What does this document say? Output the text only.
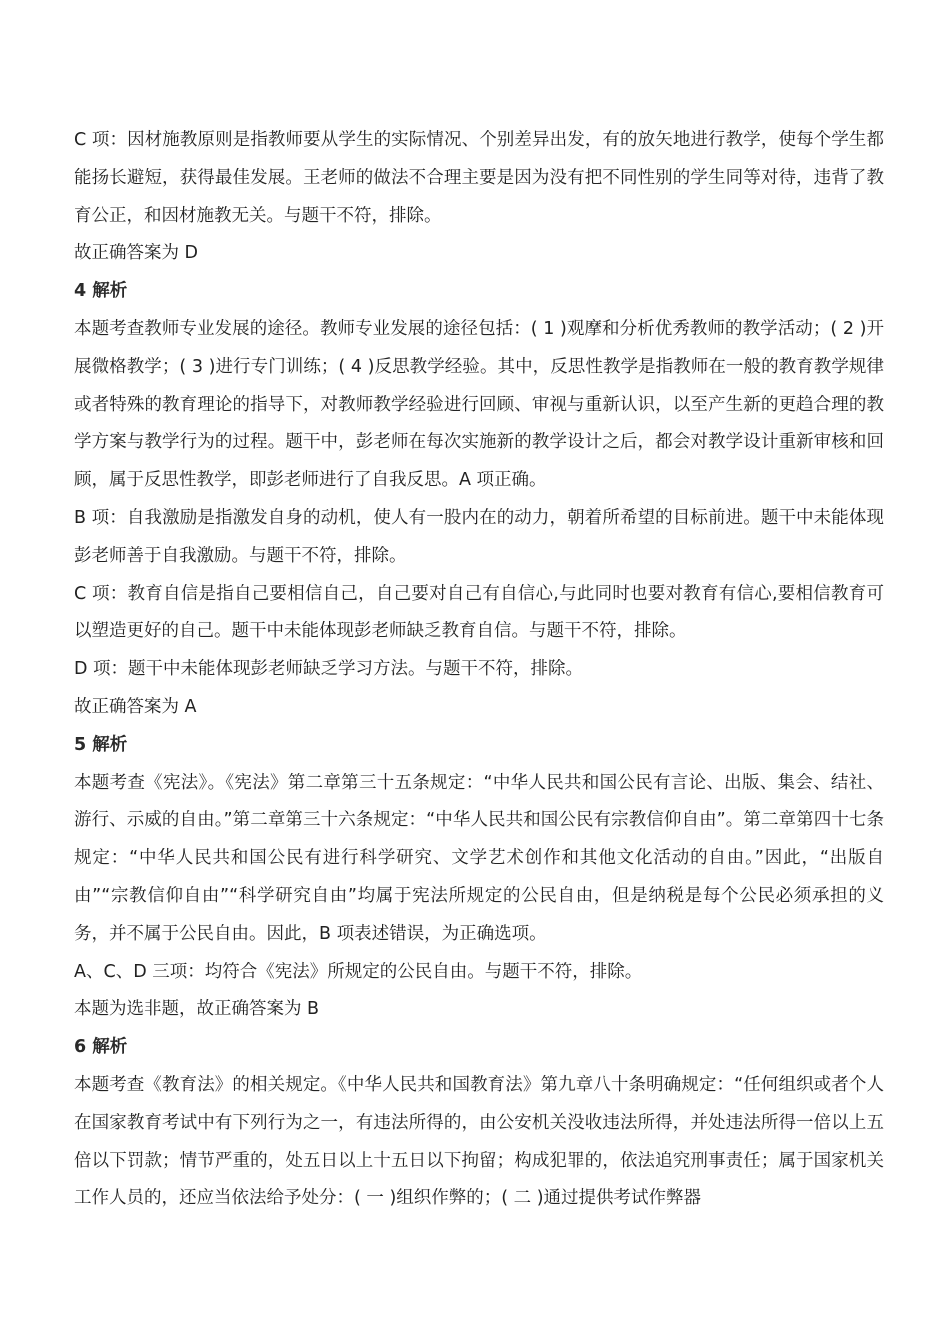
C 项：因材施教原则是指教师要从学生的实际情况、个别差异出发，有的放矢地进行教学，使每个学生都能扬长避短，获得最佳发展。王老师的做法不合理主要是因为没有把不同性别的学生同等对待，违背了教育公正，和因材施教无关。与题干不符，排除。

故正确答案为 D

4 解析

本题考查教师专业发展的途径。教师专业发展的途径包括：( 1 )观摩和分析优秀教师的教学活动；( 2 )开展微格教学；( 3 )进行专门训练；( 4 )反思教学经验。其中，反思性教学是指教师在一般的教育教学规律或者特殊的教育理论的指导下，对教师教学经验进行回顾、审视与重新认识，以至产生新的更趋合理的教学方案与教学行为的过程。题干中，彭老师在每次实施新的教学设计之后，都会对教学设计重新审核和回顾，属于反思性教学，即彭老师进行了自我反思。A 项正确。

B 项：自我激励是指激发自身的动机，使人有一股内在的动力，朝着所希望的目标前进。题干中未能体现彭老师善于自我激励。与题干不符，排除。

C 项：教育自信是指自己要相信自己，自己要对自己有自信心,与此同时也要对教育有信心,要相信教育可以塑造更好的自己。题干中未能体现彭老师缺乏教育自信。与题干不符，排除。

D 项：题干中未能体现彭老师缺乏学习方法。与题干不符，排除。

故正确答案为 A

5 解析

本题考查《宪法》。《宪法》第二章第三十五条规定：“中华人民共和国公民有言论、出版、集会、结社、游行、示威的自由。”第二章第三十六条规定：“中华人民共和国公民有宗教信仰自由”。第二章第四十七条规定：“中华人民共和国公民有进行科学研究、文学艺术创作和其他文化活动的自由。”因此，“出版自由”“宗教信仰自由”“科学研究自由”均属于宪法所规定的公民自由，但是纳税是每个公民必须承担的义务，并不属于公民自由。因此，B 项表述错误，为正确选项。

A、C、D 三项：均符合《宪法》所规定的公民自由。与题干不符，排除。

本题为选非题，故正确答案为 B

6 解析

本题考查《教育法》的相关规定。《中华人民共和国教育法》第九章八十条明确规定：“任何组织或者个人在国家教育考试中有下列行为之一，有违法所得的，由公安机关没收违法所得，并处违法所得一倍以上五倍以下罚款；情节严重的，处五日以上十五日以下拘留；构成犯罪的，依法追究刑事责任；属于国家机关工作人员的，还应当依法给予处分：( 一 )组织作弊的；( 二 )通过提供考试作弊器
